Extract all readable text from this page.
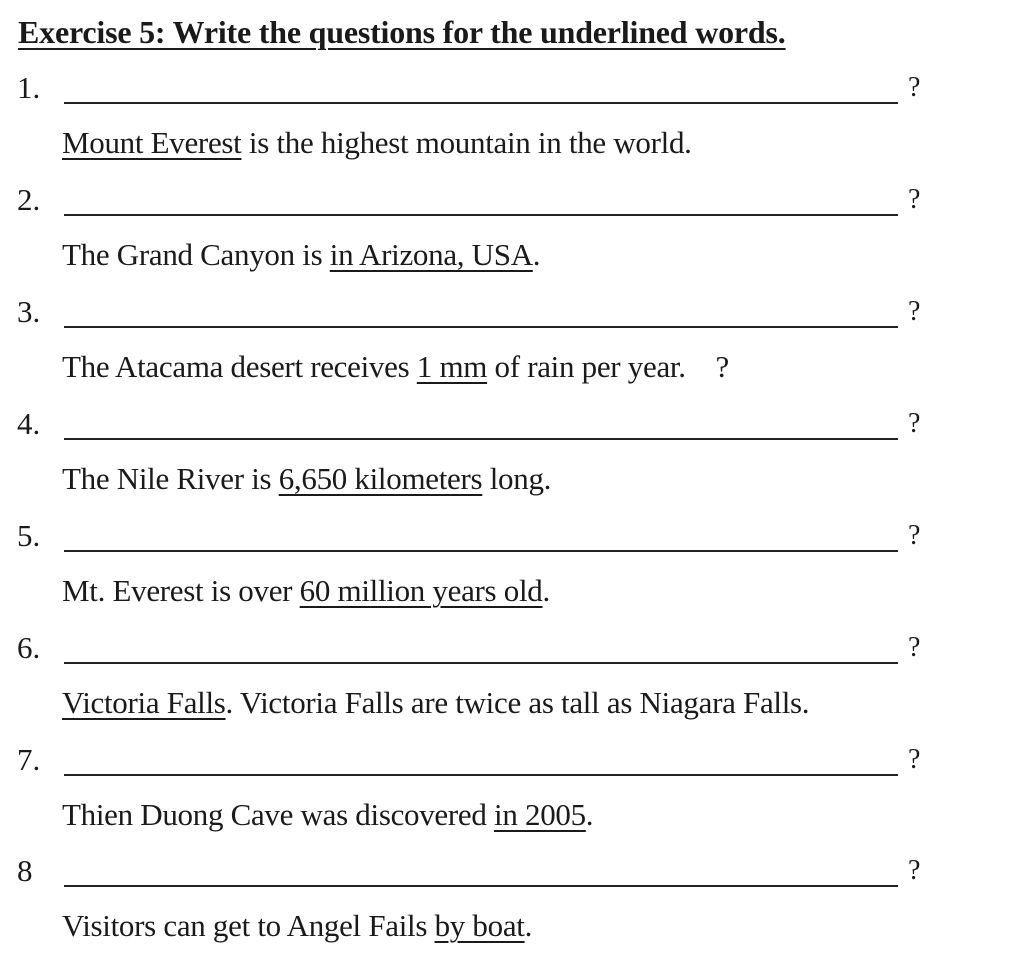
Exercise 5: Write the questions for the underlined words.
1.	?
Mount Everest is the highest mountain in the world.
2.	?
The Grand Canyon is in Arizona, USA.
3.	?
The Atacama desert receives 1 mm of rain per year.    ?
4.	?
The Nile River is 6,650 kilometers long.
5.	?
Mt. Everest is over 60 million years old.
6.	?
Victoria Falls. Victoria Falls are twice as tall as Niagara Falls.
7.	?
Thien Duong Cave was discovered in 2005.
8	?
Visitors can get to Angel Fails by boat.
